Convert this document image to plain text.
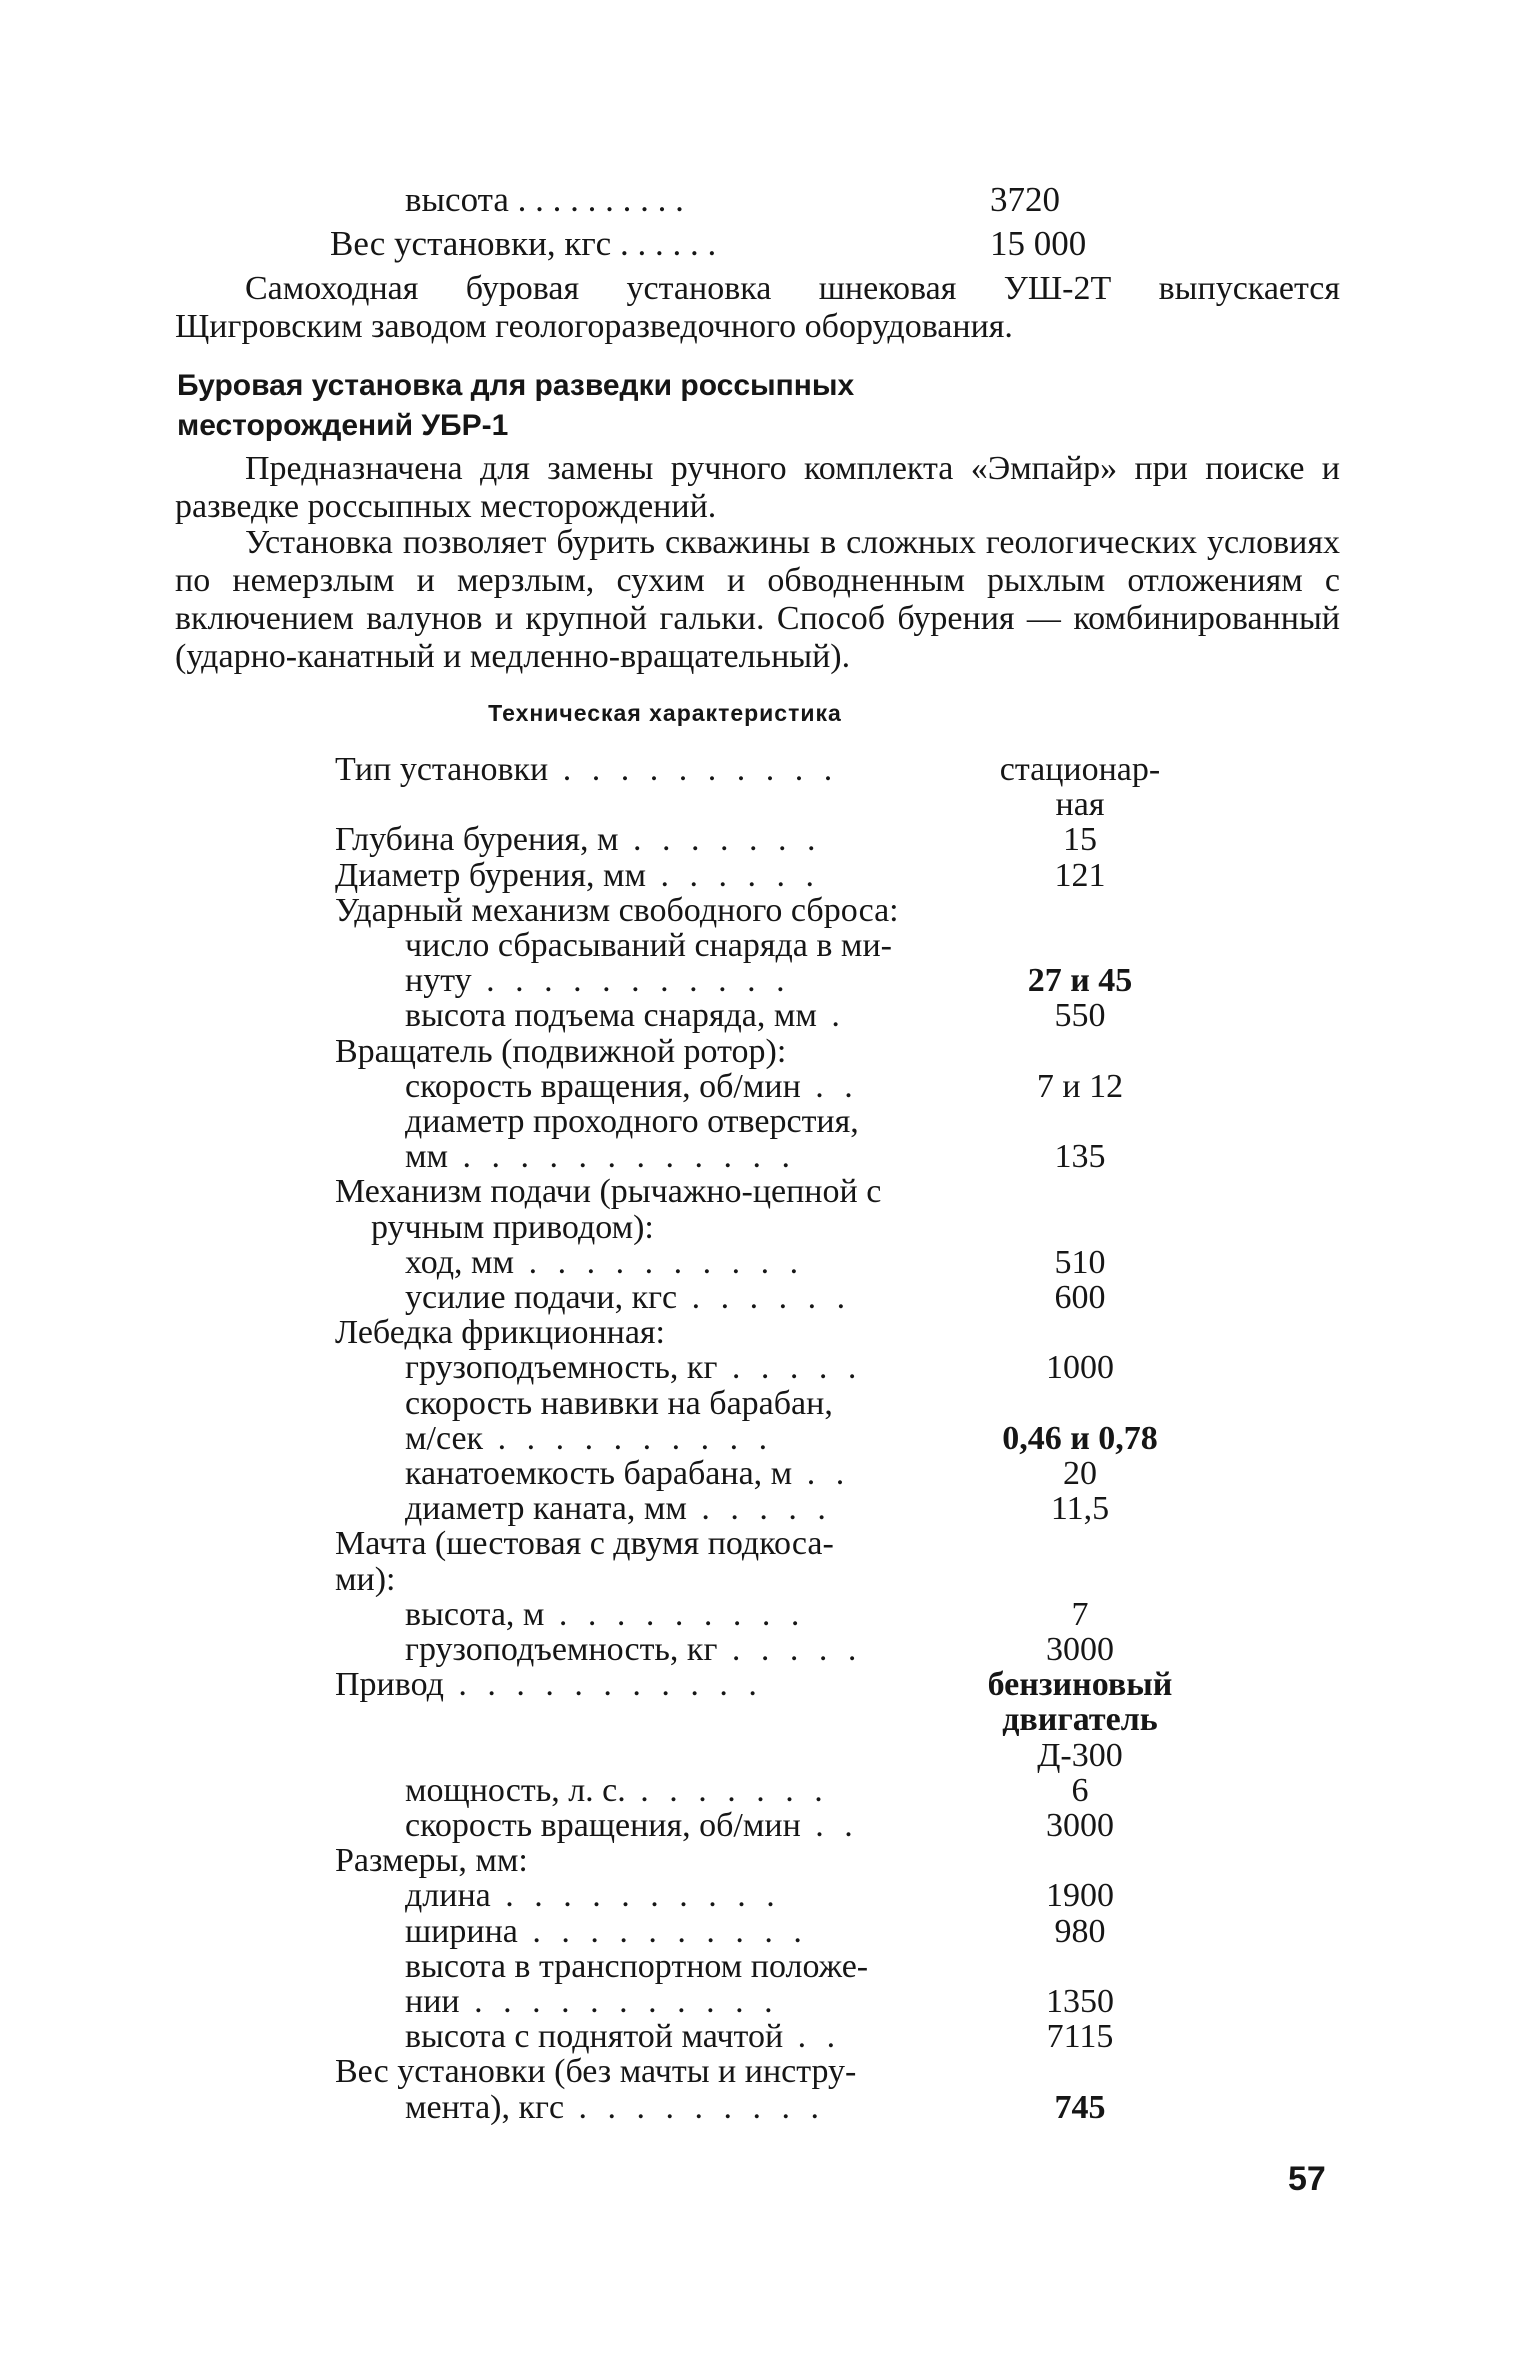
высота . . . . . . . . . .	3720
Вес установки, кгс . . . . . .	15 000

Самоходная буровая установка шнековая УШ-2Т выпускается Щигровским заводом геологоразведочного оборудования.

Буровая установка для разведки россыпных
месторождений УБР-1

Предназначена для замены ручного комплекта «Эмпайр» при поиске и разведке россыпных месторождений.

Установка позволяет бурить скважины в сложных геологических условиях по немерзлым и мерзлым, сухим и обводненным рыхлым отложениям с включением валунов и крупной гальки. Способ бурения — комбинированный (ударно-канатный и медленно-вращательный).

Техническая характеристика

Тип установки . . . . . . . . . .	стационар-
ная
Глубина бурения, м . . . . . . .	15
Диаметр бурения, мм . . . . . .	121
Ударный механизм свободного сброса:
число сбрасываний снаряда в ми-
нуту . . . . . . . . . . .	27 и 45
высота подъема снаряда, мм .	550
Вращатель (подвижной ротор):
скорость вращения, об/мин . .	7 и 12
диаметр проходного отверстия,
мм . . . . . . . . . . . .	135
Механизм подачи (рычажно-цепной с
ручным приводом):
ход, мм . . . . . . . . . .	510
усилие подачи, кгс . . . . . .	600
Лебедка фрикционная:
грузоподъемность, кг . . . . .	1000
скорость навивки на барабан,
м/сек . . . . . . . . . .	0,46 и 0,78
канатоемкость барабана, м . .	20
диаметр каната, мм . . . . .	11,5
Мачта (шестовая с двумя подкоса-
ми):
высота, м . . . . . . . . .	7
грузоподъемность, кг . . . . .	3000
Привод . . . . . . . . . . .	бензиновый
двигатель
Д-300
мощность, л. с. . . . . . . .	6
скорость вращения, об/мин . .	3000
Размеры, мм:
длина . . . . . . . . . .	1900
ширина . . . . . . . . . .	980
высота в транспортном положе-
нии . . . . . . . . . . .	1350
высота с поднятой мачтой . .	7115
Вес установки (без мачты и инстру-
мента), кгс . . . . . . . . .	745
57
